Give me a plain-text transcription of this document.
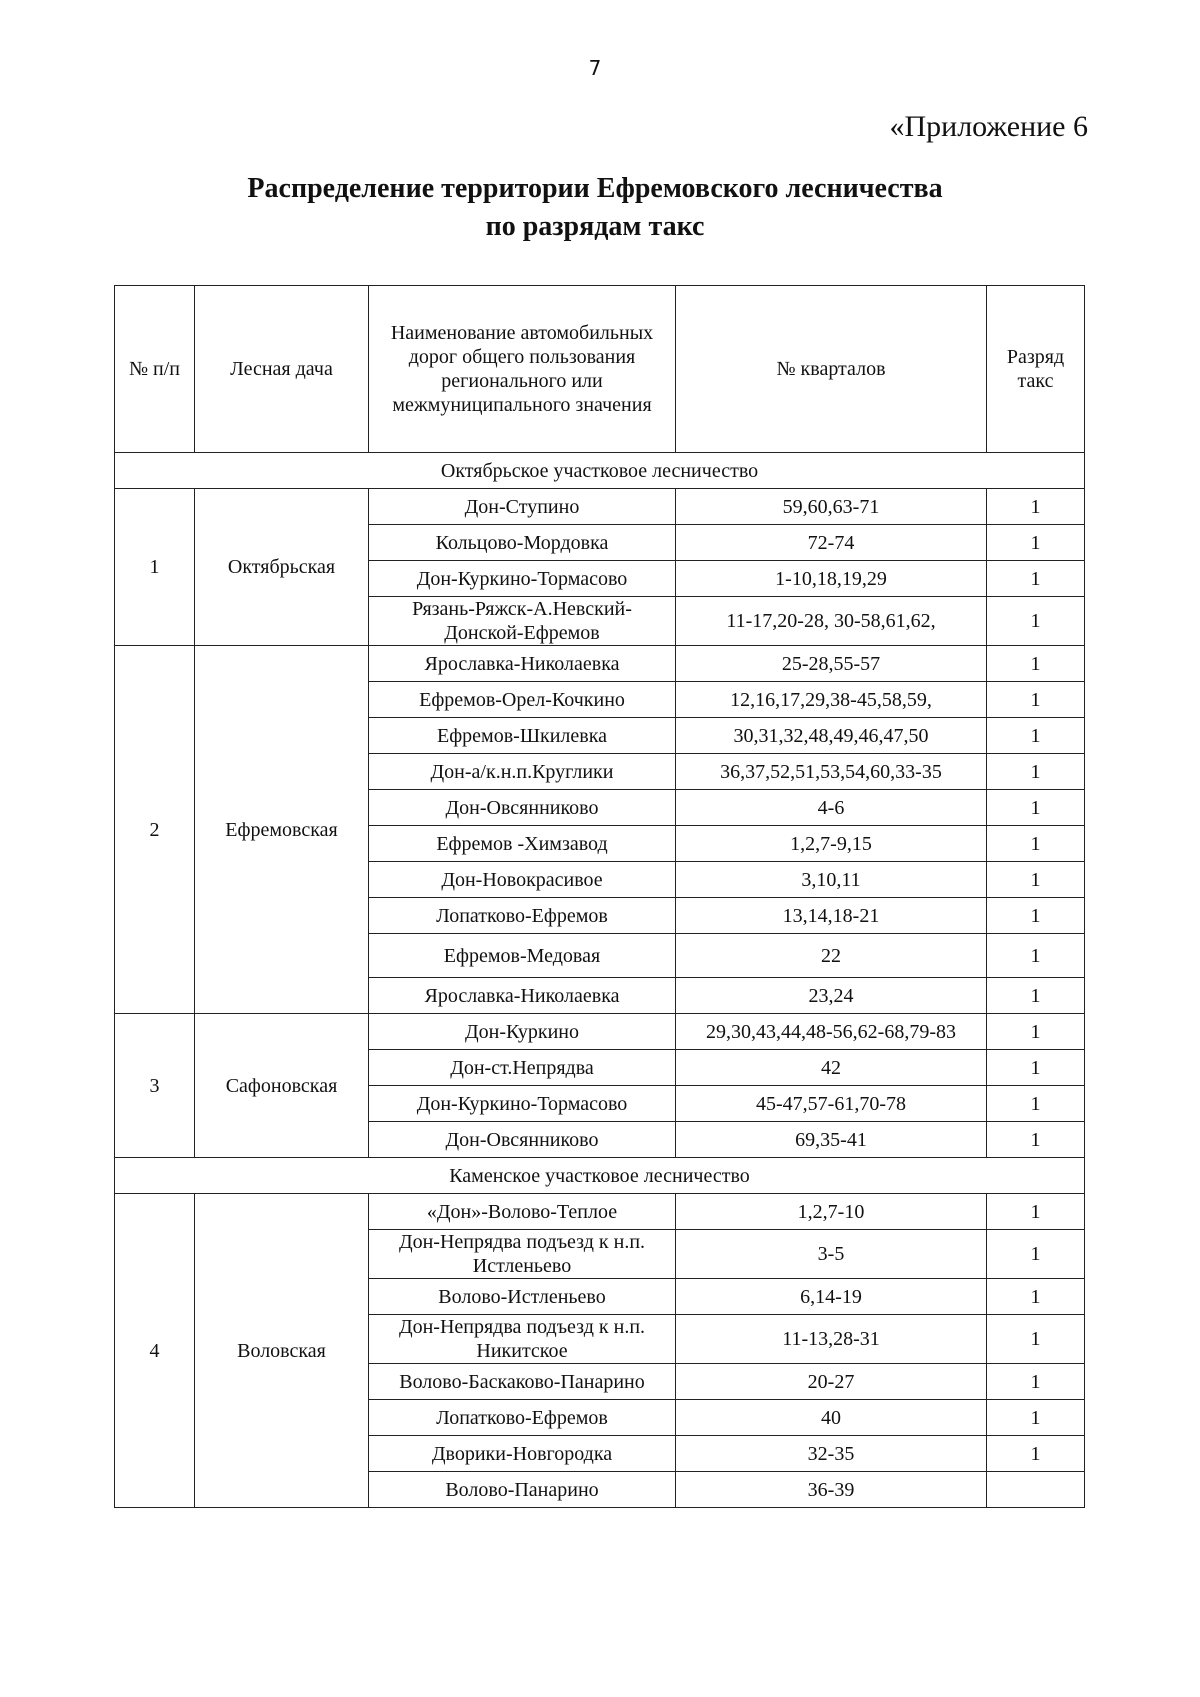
7
«Приложение 6
Распределение территории Ефремовского лесничества
по разрядам такс
№ п/п	Лесная дача	Наименование автомобильных дорог общего пользования регионального или межмуниципального значения	№ кварталов	Разряд такс
Октябрьское участковое лесничество				
1	Октябрьская	Дон-Ступино	59,60,63-71	1
		Кольцово-Мордовка	72-74	1
		Дон-Куркино-Тормасово	1-10,18,19,29	1
		Рязань-Ряжск-А.Невский-Донской-Ефремов	11-17,20-28, 30-58,61,62,	1
2	Ефремовская	Ярославка-Николаевка	25-28,55-57	1
		Ефремов-Орел-Кочкино	12,16,17,29,38-45,58,59,	1
		Ефремов-Шкилевка	30,31,32,48,49,46,47,50	1
		Дон-а/к.н.п.Круглики	36,37,52,51,53,54,60,33-35	1
		Дон-Овсянниково	4-6	1
		Ефремов -Химзавод	1,2,7-9,15	1
		Дон-Новокрасивое	3,10,11	1
		Лопатково-Ефремов	13,14,18-21	1
		Ефремов-Медовая	22	1
		Ярославка-Николаевка	23,24	1
3	Сафоновская	Дон-Куркино	29,30,43,44,48-56,62-68,79-83	1
		Дон-ст.Непрядва	42	1
		Дон-Куркино-Тормасово	45-47,57-61,70-78	1
		Дон-Овсянниково	69,35-41	1
Каменское участковое лесничество				
4	Воловская	«Дон»-Волово-Теплое	1,2,7-10	1
		Дон-Непрядва подъезд к н.п. Истленьево	3-5	1
		Волово-Истленьево	6,14-19	1
		Дон-Непрядва подъезд к н.п. Никитское	11-13,28-31	1
		Волово-Баскаково-Панарино	20-27	1
		Лопатково-Ефремов	40	1
		Дворики-Новгородка	32-35	1
		Волово-Панарино	36-39	
